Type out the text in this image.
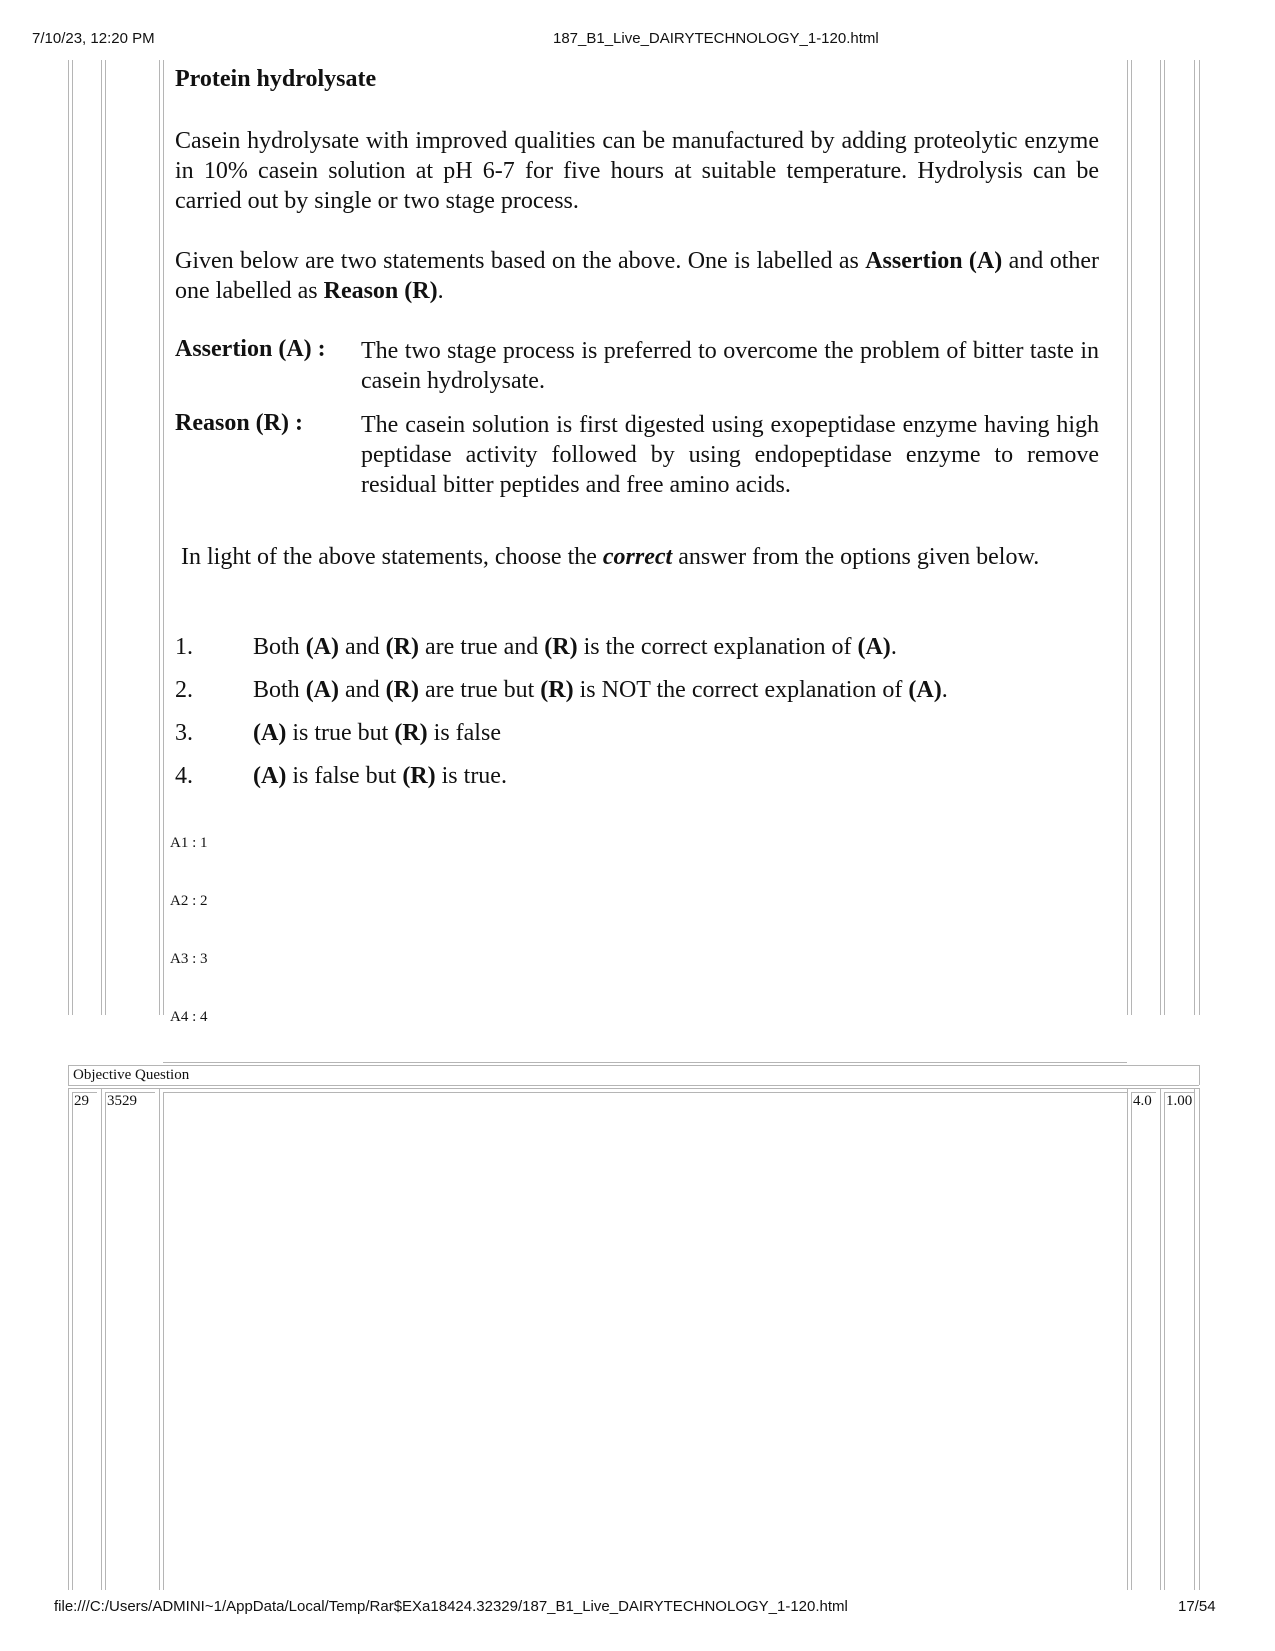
7/10/23, 12:20 PM	187_B1_Live_DAIRYTECHNOLOGY_1-120.html
Objective Question
29 3529	4.0 1.00
Protein hydrolysate
Casein hydrolysate with improved qualities can be manufactured by adding proteolytic enzyme in 10% casein solution at pH 6-7 for five hours at suitable temperature. Hydrolysis can be carried out by single or two stage process.
Given below are two statements based on the above. One is labelled as Assertion (A) and other one labelled as Reason (R).
Assertion (A) : The two stage process is preferred to overcome the problem of bitter taste in casein hydrolysate.
Reason (R) : The casein solution is first digested using exopeptidase enzyme having high peptidase activity followed by using endopeptidase enzyme to remove residual bitter peptides and free amino acids.
In light of the above statements, choose the correct answer from the options given below.
1.	Both (A) and (R) are true and (R) is the correct explanation of (A).
2.	Both (A) and (R) are true but (R) is NOT the correct explanation of (A).
3.	(A) is true but (R) is false
4.	(A) is false but (R) is true.
A1 : 1
A2 : 2
A3 : 3
A4 : 4
file:///C:/Users/ADMINI~1/AppData/Local/Temp/Rar$EXa18424.32329/187_B1_Live_DAIRYTECHNOLOGY_1-120.html	17/54
